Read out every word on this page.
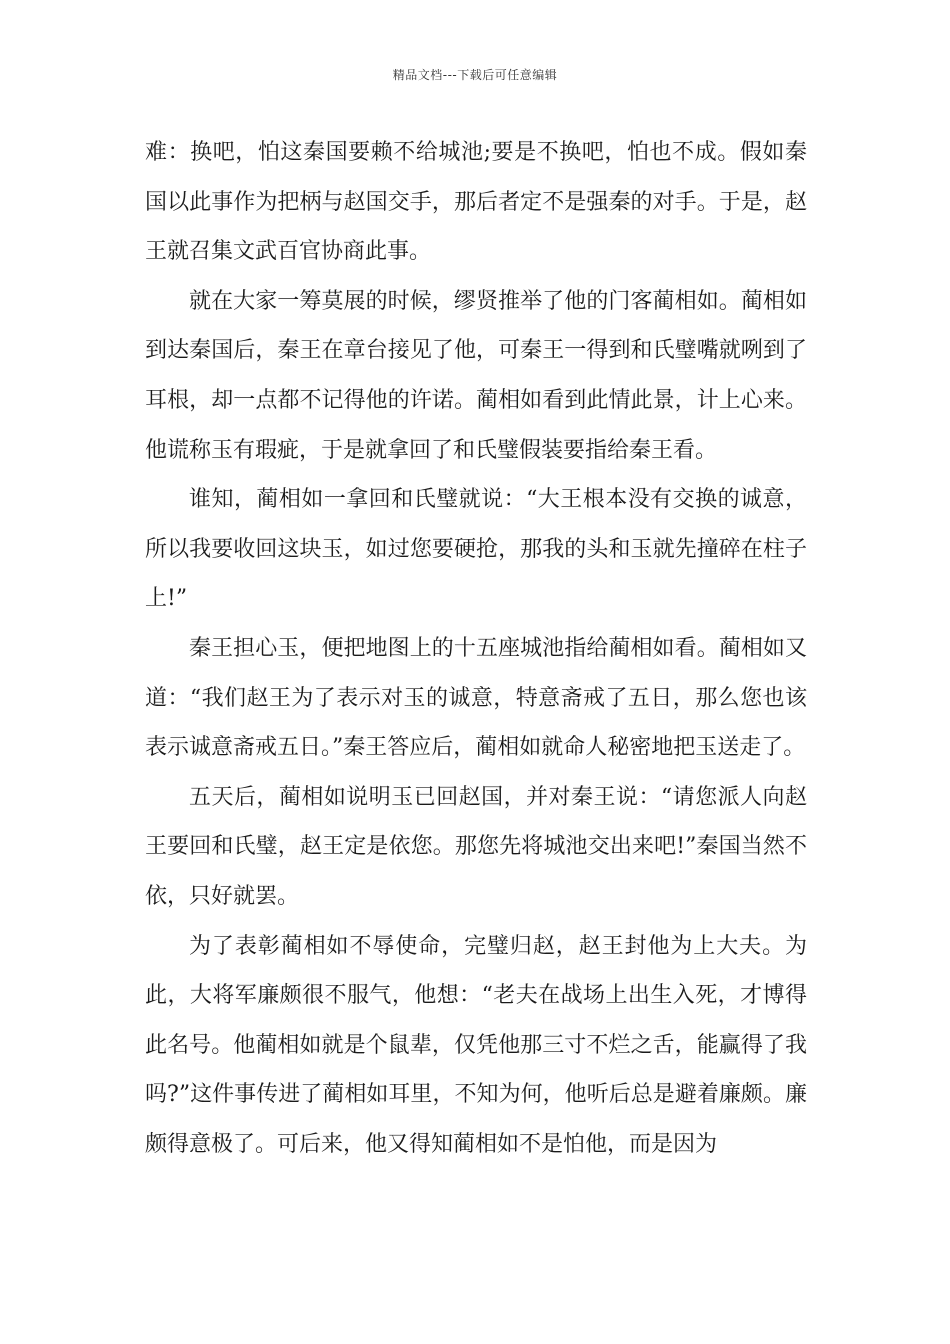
精品文档---下载后可任意编辑

难：换吧，怕这秦国要赖不给城池;要是不换吧，怕也不成。假如秦国以此事作为把柄与赵国交手，那后者定不是强秦的对手。于是，赵王就召集文武百官协商此事。

就在大家一筹莫展的时候，缪贤推举了他的门客蔺相如。蔺相如到达秦国后，秦王在章台接见了他，可秦王一得到和氏璧嘴就咧到了耳根，却一点都不记得他的许诺。蔺相如看到此情此景，计上心来。他谎称玉有瑕疵，于是就拿回了和氏璧假装要指给秦王看。

谁知，蔺相如一拿回和氏璧就说：“大王根本没有交换的诚意，所以我要收回这块玉，如过您要硬抢，那我的头和玉就先撞碎在柱子上!”

秦王担心玉，便把地图上的十五座城池指给蔺相如看。蔺相如又道：“我们赵王为了表示对玉的诚意，特意斋戒了五日，那么您也该表示诚意斋戒五日。”秦王答应后，蔺相如就命人秘密地把玉送走了。

五天后，蔺相如说明玉已回赵国，并对秦王说：“请您派人向赵王要回和氏璧，赵王定是依您。那您先将城池交出来吧!”秦国当然不依，只好就罢。

为了表彰蔺相如不辱使命，完璧归赵，赵王封他为上大夫。为此，大将军廉颇很不服气，他想：“老夫在战场上出生入死，才博得此名号。他蔺相如就是个鼠辈，仅凭他那三寸不烂之舌，能赢得了我吗?”这件事传进了蔺相如耳里，不知为何，他听后总是避着廉颇。廉颇得意极了。可后来，他又得知蔺相如不是怕他，而是因为
